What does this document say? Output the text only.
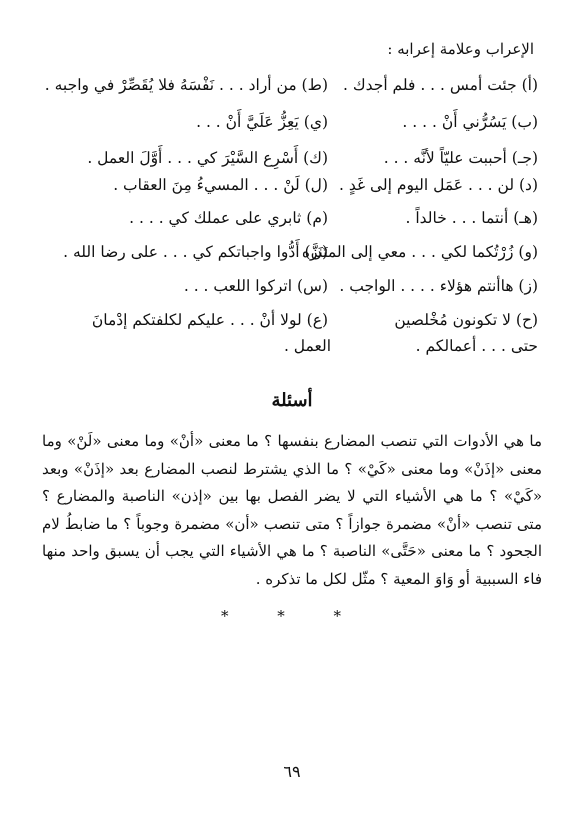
الإعراب وعلامة إعرابه :
(أ) جئت أمس . . . فلم أجدك .
(ط) من أراد . . . نَفْسَهُ فلا يُقَصِّرْ في واجبه .
(ب) يَسُرُّني أَنْ . . . .
(ي) يَعِزُّ عَلَيَّ أَنْ . . .
(جـ) أحببت عليّاً لأنَّه . . .
(ك) أَسْرِع السَّيْرَ كي . . . أَوَّلَ العمل .
(د) لن . . . عَمَل اليوم إلى غَدٍ .
(ل) لَنْ . . . المسيءُ مِنَ العقاب .
(هـ) أنتما . . . خالداً .
(م) ثابري على عملك كي . . . .
(و) زُرْتُكما لكي . . . معي إلى المتَنَزَّه
(ن) أَدُّوا واجباتكم كي . . . على رضا الله .
(ز) هاأنتم هؤلاء . . . . الواجب .
(س) اتركوا اللعب . . .
(ح) لا تكونون مُخْلصين
(ع) لولا أنْ . . . عليكم لكلفتكم إدْمانَ
حتى . . . أعمالكم .
العمل .
أسئلة
ما هي الأدوات التي تنصب المضارع بنفسها ؟ ما معنى «أنْ» وما معنى «لَنْ» وما معنى «إذَنْ» وما معنى «كَيْ» ؟ ما الذي يشترط لنصب المضارع بعد «إذَنْ» وبعد «كَيْ» ؟ ما هي الأشياء التي لا يضر الفصل بها بين «إذن» الناصبة والمضارع ؟ متى تنصب «أنْ» مضمرة جوازاً ؟ متى تنصب «أن» مضمرة وجوباً ؟ ما ضابطُ لام الجحود ؟ ما معنى «حَتَّى» الناصبة ؟ ما هي الأشياء التي يجب أن يسبق واحد منها فاء السببية أو وَاوَ المعية ؟ مثّل لكل ما تذكره .
* * *
٦٩
